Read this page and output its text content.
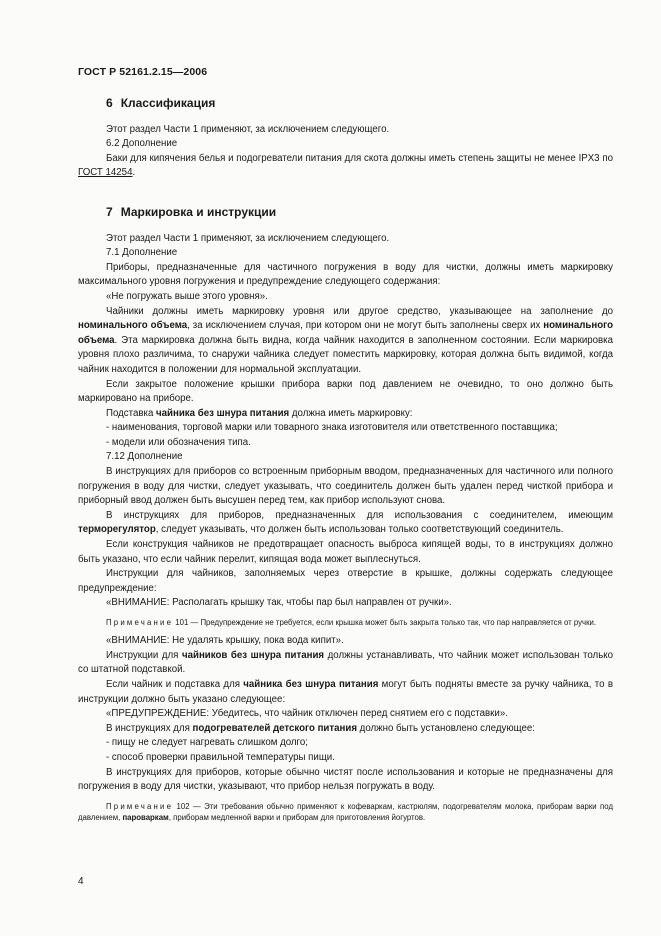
ГОСТ Р 52161.2.15—2006
6 Классификация

Этот раздел Части 1 применяют, за исключением следующего.

6.2 Дополнение

Баки для кипячения белья и подогреватели питания для скота должны иметь степень защиты не менее IPX3 по ГОСТ 14254.

7 Маркировка и инструкции

Этот раздел Части 1 применяют, за исключением следующего.

7.1 Дополнение

Приборы, предназначенные для частичного погружения в воду для чистки, должны иметь маркировку максимального уровня погружения и предупреждение следующего содержания:

«Не погружать выше этого уровня».

Чайники должны иметь маркировку уровня или другое средство, указывающее на заполнение до номинального объема, за исключением случая, при котором они не могут быть заполнены сверх их номинального объема. Эта маркировка должна быть видна, когда чайник находится в заполненном состоянии. Если маркировка уровня плохо различима, то снаружи чайника следует поместить маркировку, которая должна быть видимой, когда чайник находится в положении для нормальной эксплуатации.

Если закрытое положение крышки прибора варки под давлением не очевидно, то оно должно быть маркировано на приборе.

Подставка чайника без шнура питания должна иметь маркировку:

- наименования, торговой марки или товарного знака изготовителя или ответственного поставщика;

- модели или обозначения типа.

7.12 Дополнение

В инструкциях для приборов со встроенным приборным вводом, предназначенных для частичного или полного погружения в воду для чистки, следует указывать, что соединитель должен быть удален перед чисткой прибора и приборный ввод должен быть высушен перед тем, как прибор используют снова.

В инструкциях для приборов, предназначенных для использования с соединителем, имеющим терморегулятор, следует указывать, что должен быть использован только соответствующий соединитель.

Если конструкция чайников не предотвращает опасность выброса кипящей воды, то в инструкциях должно быть указано, что если чайник перелит, кипящая вода может выплеснуться.

Инструкции для чайников, заполняемых через отверстие в крышке, должны содержать следующее предупреждение:

«ВНИМАНИЕ: Располагать крышку так, чтобы пар был направлен от ручки».

Примечание 101 — Предупреждение не требуется, если крышка может быть закрыта только так, что пар направляется от ручки.

«ВНИМАНИЕ: Не удалять крышку, пока вода кипит».

Инструкции для чайников без шнура питания должны устанавливать, что чайник может использован только со штатной подставкой.

Если чайник и подставка для чайника без шнура питания могут быть подняты вместе за ручку чайника, то в инструкции должно быть указано следующее:

«ПРЕДУПРЕЖДЕНИЕ: Убедитесь, что чайник отключен перед снятием его с подставки».

В инструкциях для подогревателей детского питания должно быть установлено следующее:

- пищу не следует нагревать слишком долго;

- способ проверки правильной температуры пищи.

В инструкциях для приборов, которые обычно чистят после использования и которые не предназначены для погружения в воду для чистки, указывают, что прибор нельзя погружать в воду.

Примечание 102 — Эти требования обычно применяют к кофеваркам, кастрюлям, подогревателям молока, приборам варки под давлением, пароваркам, приборам медленной варки и приборам для приготовления йогуртов.
4
